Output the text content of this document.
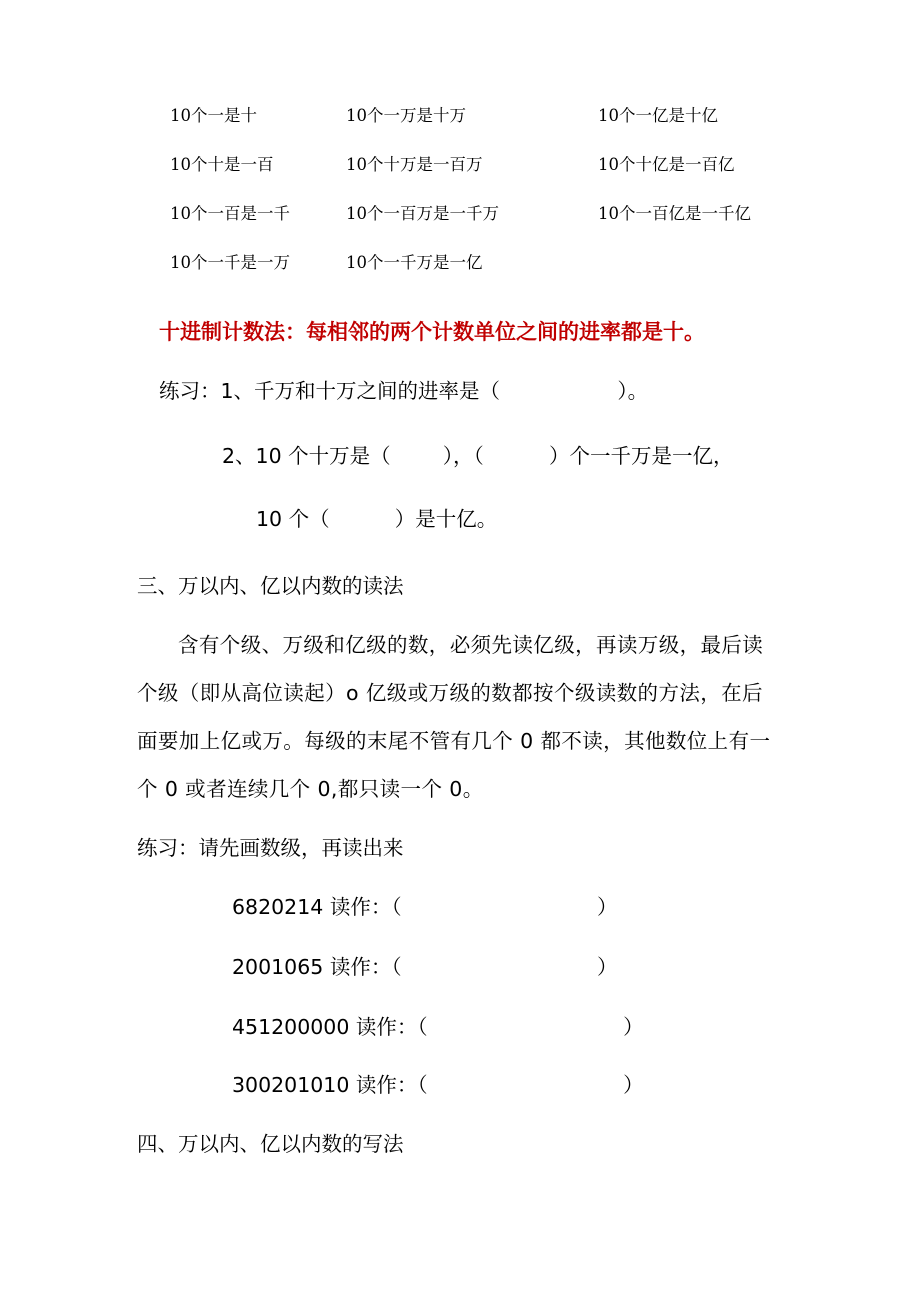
10个一是十
10个十是一百
10个一百是一千
10个一千是一万
10个一万是十万
10个十万是一百万
10个一百万是一千万
10个一千万是一亿
10个一亿是十亿
10个十亿是一百亿
10个一百亿是一千亿
十进制计数法：每相邻的两个计数单位之间的进率都是十。
练习：1、千万和十万之间的进率是（                  ）。
2、10 个十万是（        ），（          ）个一千万是一亿，
10 个（          ）是十亿。
三、万以内、亿以内数的读法
含有个级、万级和亿级的数，必须先读亿级，再读万级，最后读
个级（即从高位读起）o 亿级或万级的数都按个级读数的方法，在后
面要加上亿或万。每级的末尾不管有几个 0 都不读，其他数位上有一
个 0 或者连续几个 0,都只读一个 0。
练习：请先画数级，再读出来
6820214 读作：（                              ）
2001065 读作：（                              ）
451200000 读作：（                              ）
300201010 读作：（                              ）
四、万以内、亿以内数的写法
